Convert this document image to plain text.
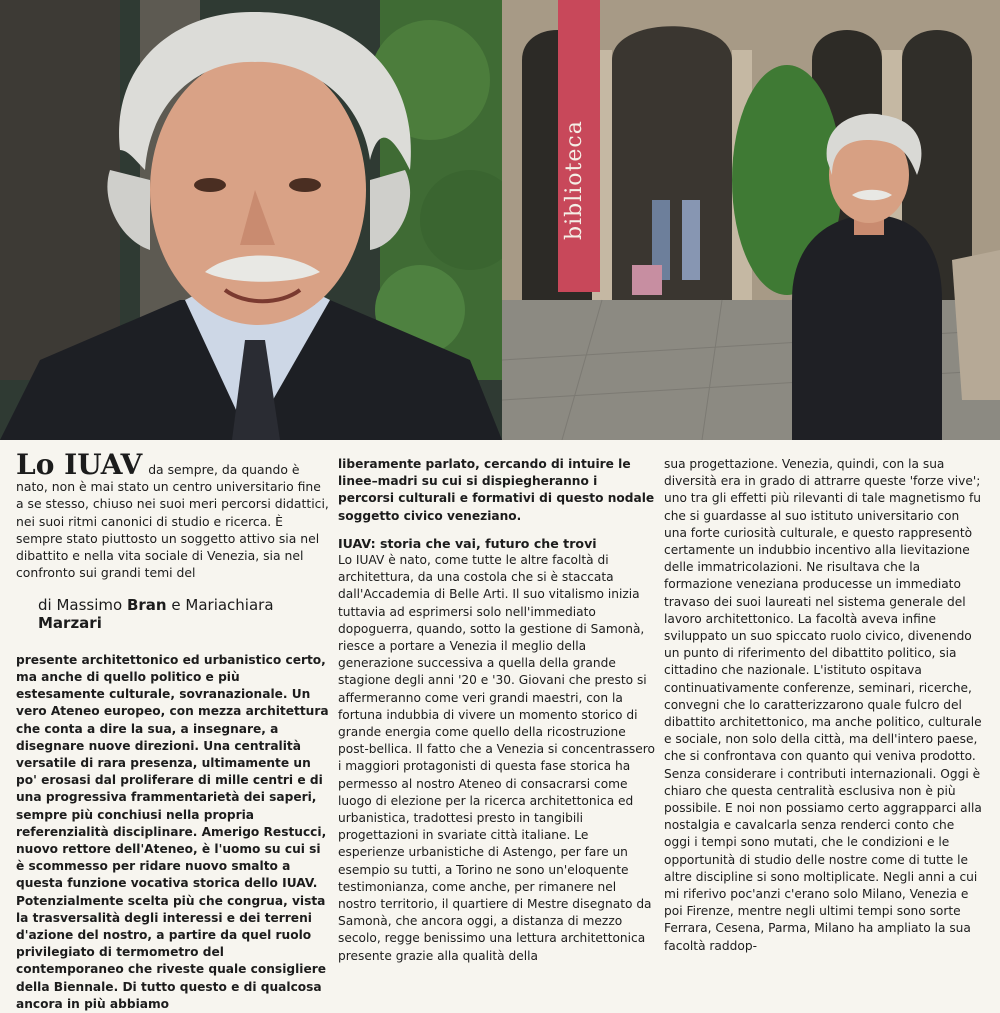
biblioteca

Lo IUAV da sempre, da quando è nato, non è mai stato un centro universitario fine a se stesso, chiuso nei suoi meri percorsi didattici, nei suoi ritmi canonici di studio e ricerca. È sempre stato piuttosto un soggetto attivo sia nel dibattito e nella vita sociale di Venezia, sia nel confronto sui grandi temi del

di Massimo Bran e Mariachiara Marzari

presente architettonico ed urbanistico certo, ma anche di quello politico e più estesamente culturale, sovranazionale. Un vero Ateneo europeo, con mezza architettura che conta a dire la sua, a insegnare, a disegnare nuove direzioni. Una centralità versatile di rara presenza, ultimamente un po' erosasi dal proliferare di mille centri e di una progressiva frammentarietà dei saperi, sempre più conchiusi nella propria referenzialità disciplinare. Amerigo Restucci, nuovo rettore dell'Ateneo, è l'uomo su cui si è scommesso per ridare nuovo smalto a questa funzione vocativa storica dello IUAV. Potenzialmente scelta più che congrua, vista la trasversalità degli interessi e dei terreni d'azione del nostro, a partire da quel ruolo privilegiato di termometro del contemporaneo che riveste quale consigliere della Biennale. Di tutto questo e di qualcosa ancora in più abbiamo

liberamente parlato, cercando di intuire le linee–madri su cui si dispiegheranno i percorsi culturali e formativi di questo nodale soggetto civico veneziano.

IUAV: storia che vai, futuro che trovi

Lo IUAV è nato, come tutte le altre facoltà di architettura, da una costola che si è staccata dall'Accademia di Belle Arti. Il suo vitalismo inizia tuttavia ad esprimersi solo nell'immediato dopoguerra, quando, sotto la gestione di Samonà, riesce a portare a Venezia il meglio della generazione successiva a quella della grande stagione degli anni '20 e '30. Giovani che presto si affermeranno come veri grandi maestri, con la fortuna indubbia di vivere un momento storico di grande energia come quello della ricostruzione post-bellica. Il fatto che a Venezia si concentrassero i maggiori protagonisti di questa fase storica ha permesso al nostro Ateneo di consacrarsi come luogo di elezione per la ricerca architettonica ed urbanistica, tradottesi presto in tangibili progettazioni in svariate città italiane. Le esperienze urbanistiche di Astengo, per fare un esempio su tutti, a Torino ne sono un'eloquente testimonianza, come anche, per rimanere nel nostro territorio, il quartiere di Mestre disegnato da Samonà, che ancora oggi, a distanza di mezzo secolo, regge benissimo una lettura architettonica presente grazie alla qualità della

sua progettazione. Venezia, quindi, con la sua diversità era in grado di attrarre queste 'forze vive'; uno tra gli effetti più rilevanti di tale magnetismo fu che si guardasse al suo istituto universitario con una forte curiosità culturale, e questo rappresentò certamente un indubbio incentivo alla lievitazione delle immatricolazioni. Ne risultava che la formazione veneziana producesse un immediato travaso dei suoi laureati nel sistema generale del lavoro architettonico. La facoltà aveva infine sviluppato un suo spiccato ruolo civico, divenendo un punto di riferimento del dibattito politico, sia cittadino che nazionale. L'istituto ospitava continuativamente conferenze, seminari, ricerche, convegni che lo caratterizzarono quale fulcro del dibattito architettonico, ma anche politico, culturale e sociale, non solo della città, ma dell'intero paese, che si confrontava con quanto qui veniva prodotto. Senza considerare i contributi internazionali. Oggi è chiaro che questa centralità esclusiva non è più possibile. E noi non possiamo certo aggrapparci alla nostalgia e cavalcarla senza renderci conto che oggi i tempi sono mutati, che le condizioni e le opportunità di studio delle nostre come di tutte le altre discipline si sono moltiplicate. Negli anni a cui mi riferivo poc'anzi c'erano solo Milano, Venezia e poi Firenze, mentre negli ultimi tempi sono sorte Ferrara, Cesena, Parma, Milano ha ampliato la sua facoltà raddop-
